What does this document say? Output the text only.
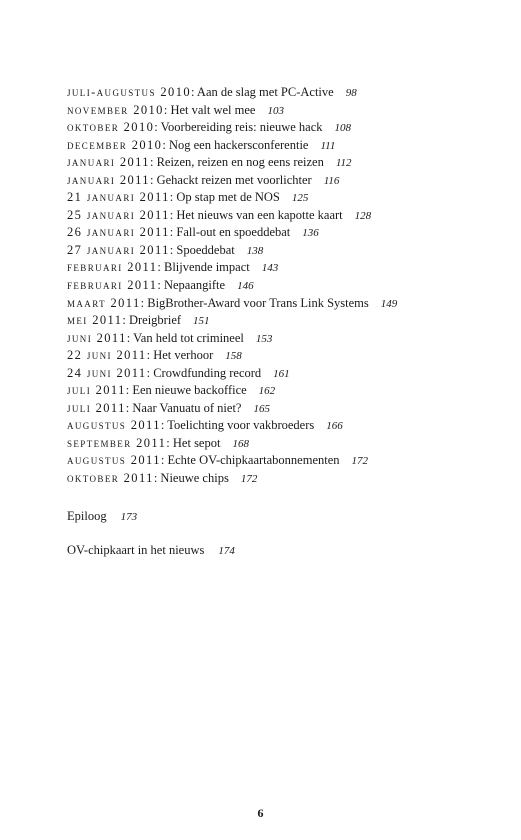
juli-augustus 2010: Aan de slag met PC-Active 98
november 2010: Het valt wel mee 103
oktober 2010: Voorbereiding reis: nieuwe hack 108
december 2010: Nog een hackersconferentie 111
januari 2011: Reizen, reizen en nog eens reizen 112
januari 2011: Gehackt reizen met voorlichter 116
21 januari 2011: Op stap met de NOS 125
25 januari 2011: Het nieuws van een kapotte kaart 128
26 januari 2011: Fall-out en spoeddebat 136
27 januari 2011: Spoeddebat 138
februari 2011: Blijvende impact 143
februari 2011: Nepaangifte 146
maart 2011: BigBrother-Award voor Trans Link Systems 149
mei 2011: Dreigbrief 151
juni 2011: Van held tot crimineel 153
22 juni 2011: Het verhoor 158
24 juni 2011: Crowdfunding record 161
juli 2011: Een nieuwe backoffice 162
juli 2011: Naar Vanuatu of niet? 165
augustus 2011: Toelichting voor vakbroeders 166
september 2011: Het sepot 168
augustus 2011: Echte OV-chipkaartabonnementen 172
oktober 2011: Nieuwe chips 172
Epiloog 173
OV-chipkaart in het nieuws 174
6
